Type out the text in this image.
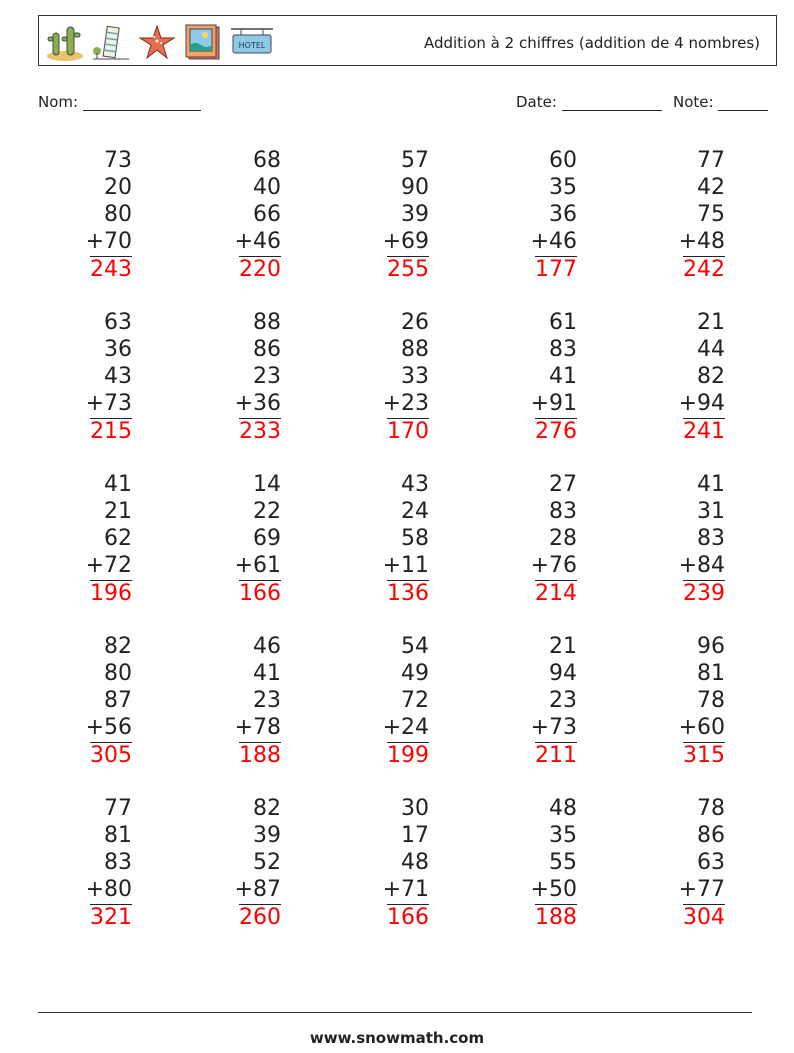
HOTEL	Addition à 2 chiffres (addition de 4 nombres)
Nom:	Date:	Note:
73
20
80
+70
243
68
40
66
+46
220
57
90
39
+69
255
60
35
36
+46
177
77
42
75
+48
242
63
36
43
+73
215
88
86
23
+36
233
26
88
33
+23
170
61
83
41
+91
276
21
44
82
+94
241
41
21
62
+72
196
14
22
69
+61
166
43
24
58
+11
136
27
83
28
+76
214
41
31
83
+84
239
82
80
87
+56
305
46
41
23
+78
188
54
49
72
+24
199
21
94
23
+73
211
96
81
78
+60
315
77
81
83
+80
321
82
39
52
+87
260
30
17
48
+71
166
48
35
55
+50
188
78
86
63
+77
304
www.snowmath.com
